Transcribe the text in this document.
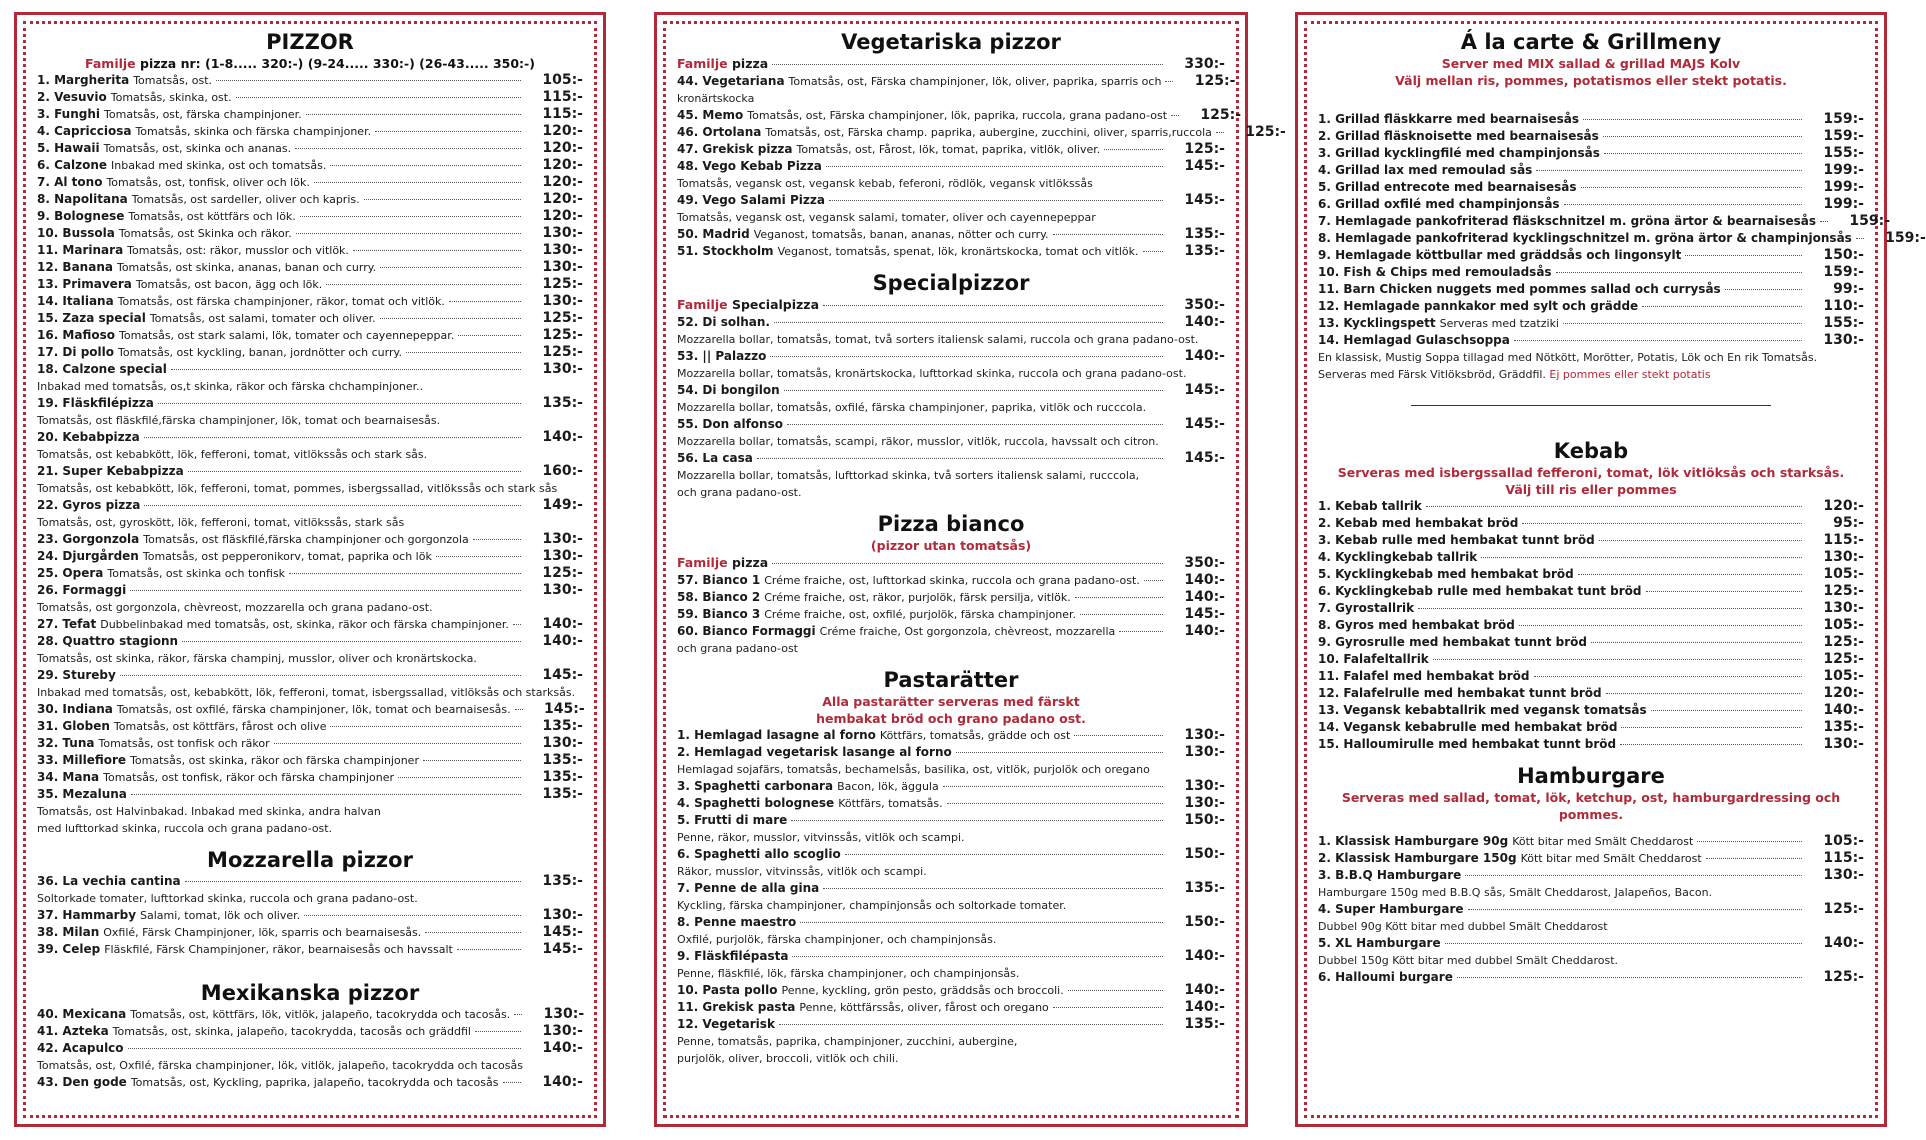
PIZZOR
Familje pizza nr: (1-8..... 320:-) (9-24..... 330:-) (26-43..... 350:-)
1. Margherita Tomatsås, ost.	105:-
2. Vesuvio Tomatsås, skinka, ost.	115:-
3. Funghi Tomatsås, ost, färska champinjoner.	115:-
4. Capricciosa Tomatsås, skinka och färska champinjoner.	120:-
5. Hawaii Tomatsås, ost, skinka och ananas.	120:-
6. Calzone Inbakad med skinka, ost och tomatsås.	120:-
7. Al tono Tomatsås, ost, tonfisk, oliver och lök.	120:-
8. Napolitana Tomatsås, ost sardeller, oliver och kapris.	120:-
9. Bolognese Tomatsås, ost köttfärs och lök.	120:-
10. Bussola Tomatsås, ost Skinka och räkor.	130:-
11. Marinara Tomatsås, ost: räkor, musslor och vitlök.	130:-
12. Banana Tomatsås, ost skinka, ananas, banan och curry.	130:-
13. Primavera Tomatsås, ost bacon, ägg och lök.	125:-
14. Italiana Tomatsås, ost färska champinjoner, räkor, tomat och vitlök.	130:-
15. Zaza special Tomatsås, ost salami, tomater och oliver.	125:-
16. Mafioso Tomatsås, ost stark salami, lök, tomater och cayennepeppar.	125:-
17. Di pollo Tomatsås, ost kyckling, banan, jordnötter och curry.	125:-
18. Calzone special	130:-
Inbakad med tomatsås, os,t skinka, räkor och färska chchampinjoner..
19. Fläskfilépizza	135:-
Tomatsås, ost fläskfilé,färska champinjoner, lök, tomat och bearnaisesås.
20. Kebabpizza	140:-
Tomatsås, ost kebabkött, lök, fefferoni, tomat, vitlökssås och stark sås.
21. Super Kebabpizza	160:-
Tomatsås, ost kebabkött, lök, fefferoni, tomat, pommes, isbergssallad, vitlökssås och stark sås
22. Gyros pizza	149:-
Tomatsås, ost, gyroskött, lök, fefferoni, tomat, vitlökssås, stark sås
23. Gorgonzola Tomatsås, ost fläskfilé,färska champinjoner och gorgonzola	130:-
24. Djurgården Tomatsås, ost pepperonikorv, tomat, paprika och lök	130:-
25. Opera Tomatsås, ost skinka och tonfisk	125:-
26. Formaggi	130:-
Tomatsås, ost gorgonzola, chèvreost, mozzarella och grana padano-ost.
27. Tefat Dubbelinbakad med tomatsås, ost, skinka, räkor och färska champinjoner.	140:-
28. Quattro stagionn	140:-
Tomatsås, ost skinka, räkor, färska champinj, musslor, oliver och kronärtskocka.
29. Stureby	145:-
Inbakad med tomatsås, ost, kebabkött, lök, fefferoni, tomat, isbergssallad, vitlöksås och starksås.
30. Indiana Tomatsås, ost oxfilé, färska champinjoner, lök, tomat och bearnaisesås.	145:-
31. Globen Tomatsås, ost köttfärs, fårost och olive	135:-
32. Tuna Tomatsås, ost tonfisk och räkor	130:-
33. Millefiore Tomatsås, ost skinka, räkor och färska champinjoner	135:-
34. Mana Tomatsås, ost tonfisk, räkor och färska champinjoner	135:-
35. Mezaluna	135:-
Tomatsås, ost Halvinbakad. Inbakad med skinka, andra halvan
med lufttorkad skinka, ruccola och grana padano-ost.
Mozzarella pizzor
36. La vechia cantina	135:-
Soltorkade tomater, lufttorkad skinka, ruccola och grana padano-ost.
37. Hammarby Salami, tomat, lök och oliver.	130:-
38. Milan Oxfilé, Färsk Champinjoner, lök, sparris och bearnaisesås.	145:-
39. Celep Fläskfilé, Färsk Champinjoner, räkor, bearnaisesås och havssalt	145:-
Mexikanska pizzor
40. Mexicana Tomatsås, ost, köttfärs, lök, vitlök, jalapeño, tacokrydda och tacosås.	130:-
41. Azteka Tomatsås, ost, skinka, jalapeño, tacokrydda, tacosås och gräddfil	130:-
42. Acapulco	140:-
Tomatsås, ost, Oxfilé, färska champinjoner, lök, vitlök, jalapeño, tacokrydda och tacosås
43. Den gode Tomatsås, ost, Kyckling, paprika, jalapeño, tacokrydda och tacosås	140:-
Vegetariska pizzor
Familje pizza	330:-
44. Vegetariana Tomatsås, ost, Färska champinjoner, lök, oliver, paprika, sparris och	125:-
kronärtskocka
45. Memo Tomatsås, ost, Färska champinjoner, lök, paprika, ruccola, grana padano-ost	125:-
46. Ortolana Tomatsås, ost, Färska champ. paprika, aubergine, zucchini, oliver, sparris,ruccola	125:-
47. Grekisk pizza Tomatsås, ost, Fårost, lök, tomat, paprika, vitlök, oliver.	125:-
48. Vego Kebab Pizza	145:-
Tomatsås, vegansk ost, vegansk kebab, feferoni, rödlök, vegansk vitlökssås
49. Vego Salami Pizza	145:-
Tomatsås, vegansk ost, vegansk salami, tomater, oliver och cayennepeppar
50. Madrid Veganost, tomatsås, banan, ananas, nötter och curry.	135:-
51. Stockholm Veganost, tomatsås, spenat, lök, kronärtskocka, tomat och vitlök.	135:-
Specialpizzor
Familje Specialpizza	350:-
52. Di solhan.	140:-
Mozzarella bollar, tomatsås, tomat, två sorters italiensk salami, ruccola och grana padano-ost.
53. || Palazzo	140:-
Mozzarella bollar, tomatsås, kronärtskocka, lufttorkad skinka, ruccola och grana padano-ost.
54. Di bongilon	145:-
Mozzarella bollar, tomatsås, oxfilé, färska champinjoner, paprika, vitlök och rucccola.
55. Don alfonso	145:-
Mozzarella bollar, tomatsås, scampi, räkor, musslor, vitlök, ruccola, havssalt och citron.
56. La casa	145:-
Mozzarella bollar, tomatsås, lufttorkad skinka, två sorters italiensk salami, rucccola,
och grana padano-ost.
Pizza bianco
(pizzor utan tomatsås)
Familje pizza	350:-
57. Bianco 1 Créme fraiche, ost, lufttorkad skinka, ruccola och grana padano-ost.	140:-
58. Bianco 2 Créme fraiche, ost, räkor, purjolök, färsk persilja, vitlök.	140:-
59. Bianco 3 Créme fraiche, ost, oxfilé, purjolök, färska champinjoner.	145:-
60. Bianco Formaggi Créme fraiche, Ost gorgonzola, chèvreost, mozzarella	140:-
och grana padano-ost
Pastarätter
Alla pastarätter serveras med färskt
hembakat bröd och grano padano ost.
1. Hemlagad lasagne al forno Köttfärs, tomatsås, grädde och ost	130:-
2. Hemlagad vegetarisk lasange al forno	130:-
Hemlagad sojafärs, tomatsås, bechamelsås, basilika, ost, vitlök, purjolök och oregano
3. Spaghetti carbonara Bacon, lök, äggula	130:-
4. Spaghetti bolognese Köttfärs, tomatsås.	130:-
5. Frutti di mare	150:-
Penne, räkor, musslor, vitvinssås, vitlök och scampi.
6. Spaghetti allo scoglio	150:-
Räkor, musslor, vitvinssås, vitlök och scampi.
7. Penne de alla gina	135:-
Kyckling, färska champinjoner, champinjonsås och soltorkade tomater.
8. Penne maestro	150:-
Oxfilé, purjolök, färska champinjoner, och champinjonsås.
9. Fläskfilépasta	140:-
Penne, fläskfilé, lök, färska champinjoner, och champinjonsås.
10. Pasta pollo Penne, kyckling, grön pesto, gräddsås och broccoli.	140:-
11. Grekisk pasta Penne, köttfärssås, oliver, fårost och oregano	140:-
12. Vegetarisk	135:-
Penne, tomatsås, paprika, champinjoner, zucchini, aubergine,
purjolök, oliver, broccoli, vitlök och chili.
Á la carte & Grillmeny
Server med MIX sallad & grillad MAJS Kolv
Välj mellan ris, pommes, potatismos eller stekt potatis.
1. Grillad fläskkarre med bearnaisesås	159:-
2. Grillad fläsknoisette med bearnaisesås	159:-
3. Grillad kycklingfilé med champinjonsås	155:-
4. Grillad lax med remoulad sås	199:-
5. Grillad entrecote med bearnaisesås	199:-
6. Grillad oxfilé med champinjonsås	199:-
7. Hemlagade pankofriterad fläskschnitzel m. gröna ärtor & bearnaisesås	159:-
8. Hemlagade pankofriterad kycklingschnitzel m. gröna ärtor & champinjonsås	159:-
9. Hemlagade köttbullar med gräddsås och lingonsylt	150:-
10. Fish & Chips med remouladsås	159:-
11. Barn Chicken nuggets med pommes sallad och currysås	99:-
12. Hemlagade pannkakor med sylt och grädde	110:-
13. Kycklingspett Serveras med tzatziki	155:-
14. Hemlagad Gulaschsoppa	130:-
En klassisk, Mustig Soppa tillagad med Nötkött, Morötter, Potatis, Lök och En rik Tomatsås.
Serveras med Färsk Vitlöksbröd, Gräddfil. Ej pommes eller stekt potatis
Kebab
Serveras med isbergssallad fefferoni, tomat, lök vitlöksås och starksås.
Välj till ris eller pommes
1. Kebab tallrik	120:-
2. Kebab med hembakat bröd	95:-
3. Kebab rulle med hembakat tunnt bröd	115:-
4. Kycklingkebab tallrik	130:-
5. Kycklingkebab med hembakat bröd	105:-
6. Kycklingkebab rulle med hembakat tunt bröd	125:-
7. Gyrostallrik	130:-
8. Gyros med hembakat bröd	105:-
9. Gyrosrulle med hembakat tunnt bröd	125:-
10. Falafeltallrik	125:-
11. Falafel med hembakat bröd	105:-
12. Falafelrulle med hembakat tunnt bröd	120:-
13. Vegansk kebabtallrik med vegansk tomatsås	140:-
14. Vegansk kebabrulle med hembakat bröd	135:-
15. Halloumirulle med hembakat tunnt bröd	130:-
Hamburgare
Serveras med sallad, tomat, lök, ketchup, ost, hamburgardressing och pommes.
1. Klassisk Hamburgare 90g Kött bitar med Smält Cheddarost	105:-
2. Klassisk Hamburgare 150g Kött bitar med Smält Cheddarost	115:-
3. B.B.Q Hamburgare	130:-
Hamburgare 150g med B.B.Q sås, Smält Cheddarost, Jalapeños, Bacon.
4. Super Hamburgare	125:-
Dubbel 90g Kött bitar med dubbel Smält Cheddarost
5. XL Hamburgare	140:-
Dubbel 150g Kött bitar med dubbel Smält Cheddarost.
6. Halloumi burgare	125:-
